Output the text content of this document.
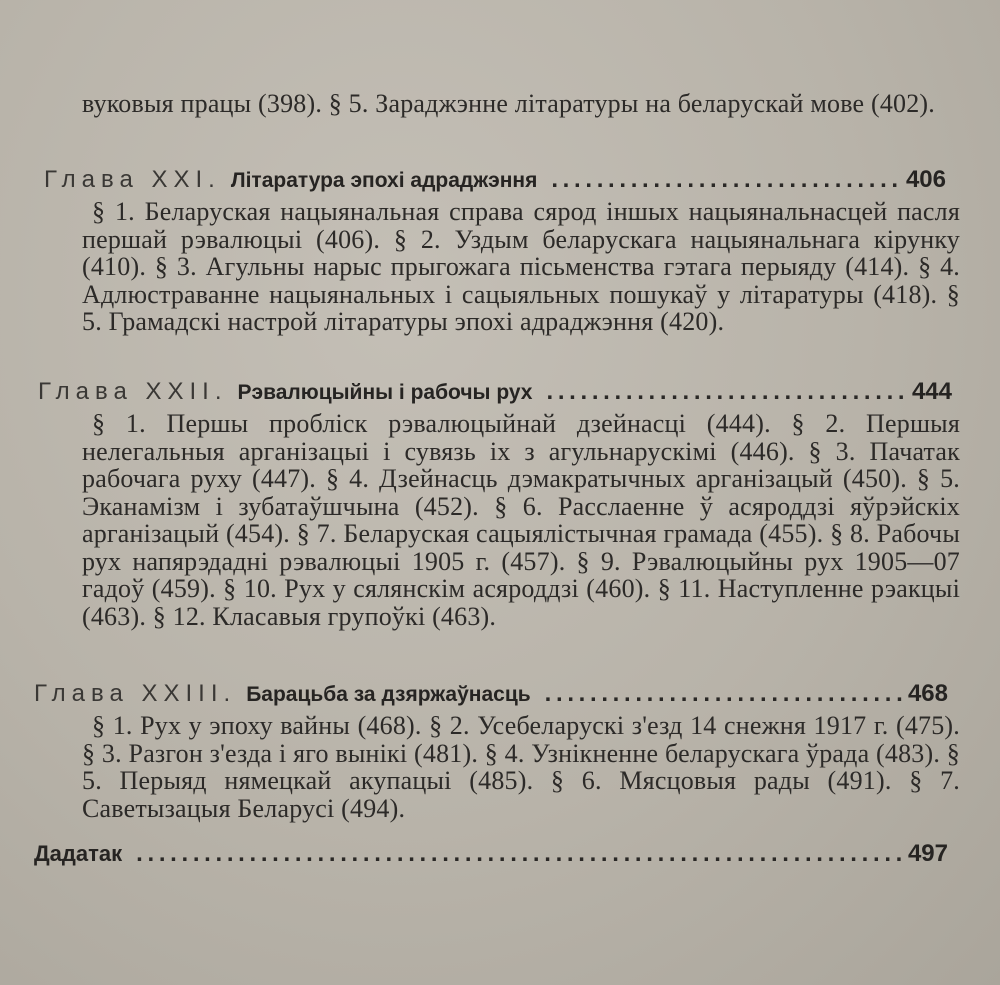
вуковыя працы (398). § 5. Зараджэнне літаратуры на беларускай мове (402).

Глава XXI. Літаратура эпохі адраджэння . . .	406

§ 1. Беларуская нацыянальная справа сярод іншых нацыянальнасцей пасля першай рэвалюцыі (406). § 2. Уздым беларускага нацыянальнага кірунку (410). § 3. Агульны нарыс прыгожага пісьменства гэтага перыяду (414). § 4. Адлюстраванне нацыянальных і сацыяльных пошукаў у літаратуры (418). § 5. Грамадскі настрой літаратуры эпохі адраджэння (420).

Глава XXII. Рэвалюцыйны і рабочы рух . . .	444

§ 1. Першы пробліск рэвалюцыйнай дзейнасці (444). § 2. Першыя нелегальныя арганізацыі і сувязь іх з агульнарускімі (446). § 3. Пачатак рабочага руху (447). § 4. Дзейнасць дэмакратычных арганізацый (450). § 5. Эканамізм і зубатаўшчына (452). § 6. Расслаенне ў асяроддзі яўрэйскіх арганізацый (454). § 7. Беларуская сацыялістычная грамада (455). § 8. Рабочы рух напярэдадні рэвалюцыі 1905 г. (457). § 9. Рэвалюцыйны рух 1905—07 гадоў (459). § 10. Рух у сялянскім асяроддзі (460). § 11. Наступленне рэакцыі (463). § 12. Класавыя групоўкі (463).

Глава XXIII. Барацьба за дзяржаўнасць . . .	468

§ 1. Рух у эпоху вайны (468). § 2. Усебеларускі з'езд 14 снежня 1917 г. (475). § 3. Разгон з'езда і яго вынікі (481). § 4. Узнікненне беларускага ўрада (483). § 5. Перыяд нямецкай акупацыі (485). § 6. Мясцовыя рады (491). § 7. Саветызацыя Беларусі (494).

Дадатак . . .	497
